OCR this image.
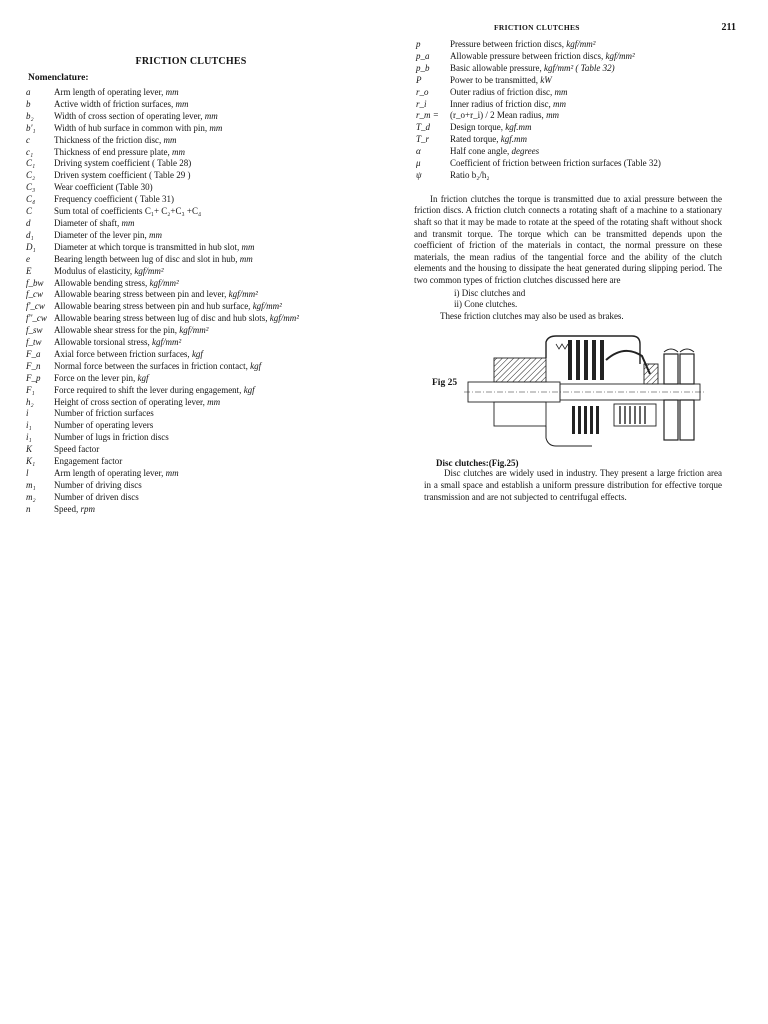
FRICTION CLUTCHES
Nomenclature:
a	Arm length of operating lever, mm
b	Active width of friction surfaces, mm
b₂	Width of cross section of operating lever, mm
b'₁	Width of hub surface in common with pin, mm
c	Thickness of the friction disc, mm
c₁	Thickness of end pressure plate, mm
C₁	Driving system coefficient ( Table 28)
C₂	Driven system coefficient ( Table 29 )
C₃	Wear coefficient (Table 30)
C₄	Frequency coefficient ( Table 31)
C	Sum total of coefficients C₁+ C₂+C₃ +C₄
d	Diameter of shaft, mm
d₁	Diameter of the lever pin, mm
D₁	Diameter at which torque is transmitted in hub slot, mm
e	Bearing length between lug of disc and slot in hub, mm
E	Modulus of elasticity, kgf/mm²
f_bw	Allowable bending stress, kgf/mm²
f_cw	Allowable bearing stress between pin and lever, kgf/mm²
f'_cw	Allowable bearing stress between pin and hub surface, kgf/mm²
f''_cw Allowable bearing stress between lug of disc and hub slots, kgf/mm²
f_sw	Allowable shear stress for the pin, kgf/mm²
f_tw	Allowable torsional stress, kgf/mm²
F_a	Axial force between friction surfaces, kgf
F_n	Normal force between the surfaces in friction contact, kgf
F_p	Force on the lever pin, kgf
F₁	Force required to shift the lever during engagement, kgf
h₂	Height of cross section of operating lever, mm
i	Number of friction surfaces
i₁	Number of operating levers
i₁	Number of lugs in friction discs
K	Speed factor
K₁	Engagement factor
l	Arm length of operating lever, mm
m₁	Number of driving discs
m₂	Number of driven discs
n	Speed, rpm
FRICTION CLUTCHES	211
p	Pressure between friction discs, kgf/mm²
p_a	Allowable pressure between friction discs, kgf/mm²
p_b	Basic allowable pressure, kgf/mm² ( Table 32)
P	Power to be transmitted, kW
r_o	Outer radius of friction disc, mm
r_i	Inner radius of friction disc, mm
r_m =	(r_o+r_i) / 2 Mean radius, mm
T_d	Design torque, kgf.mm
T_r	Rated torque, kgf.mm
α	Half cone angle, degrees
μ	Coefficient of friction between friction surfaces (Table 32)
ψ	Ratio b₂/h₂

In friction clutches the torque is transmitted due to axial pressure between the friction discs. A friction clutch connects a rotating shaft of a machine to a stationary shaft so that it may be made to rotate at the speed of the rotating shaft without shock and transmit torque. The torque which can be transmitted depends upon the coefficient of friction of the materials in contact, the normal pressure on these materials, the mean radius of the tangential force and the ability of the clutch elements and the housing to dissipate the heat generated during slipping period. The two common types of friction clutches discussed here are

i) Disc clutches and
ii) Cone clutches.
These friction clutches may also be used as brakes.
Fig 25
Disc clutches:(Fig.25)

Disc clutches are widely used in industry. They present a large friction area in a small space and establish a uniform pressure distribution for effective torque transmission and are not subjected to centrifugal effects.
